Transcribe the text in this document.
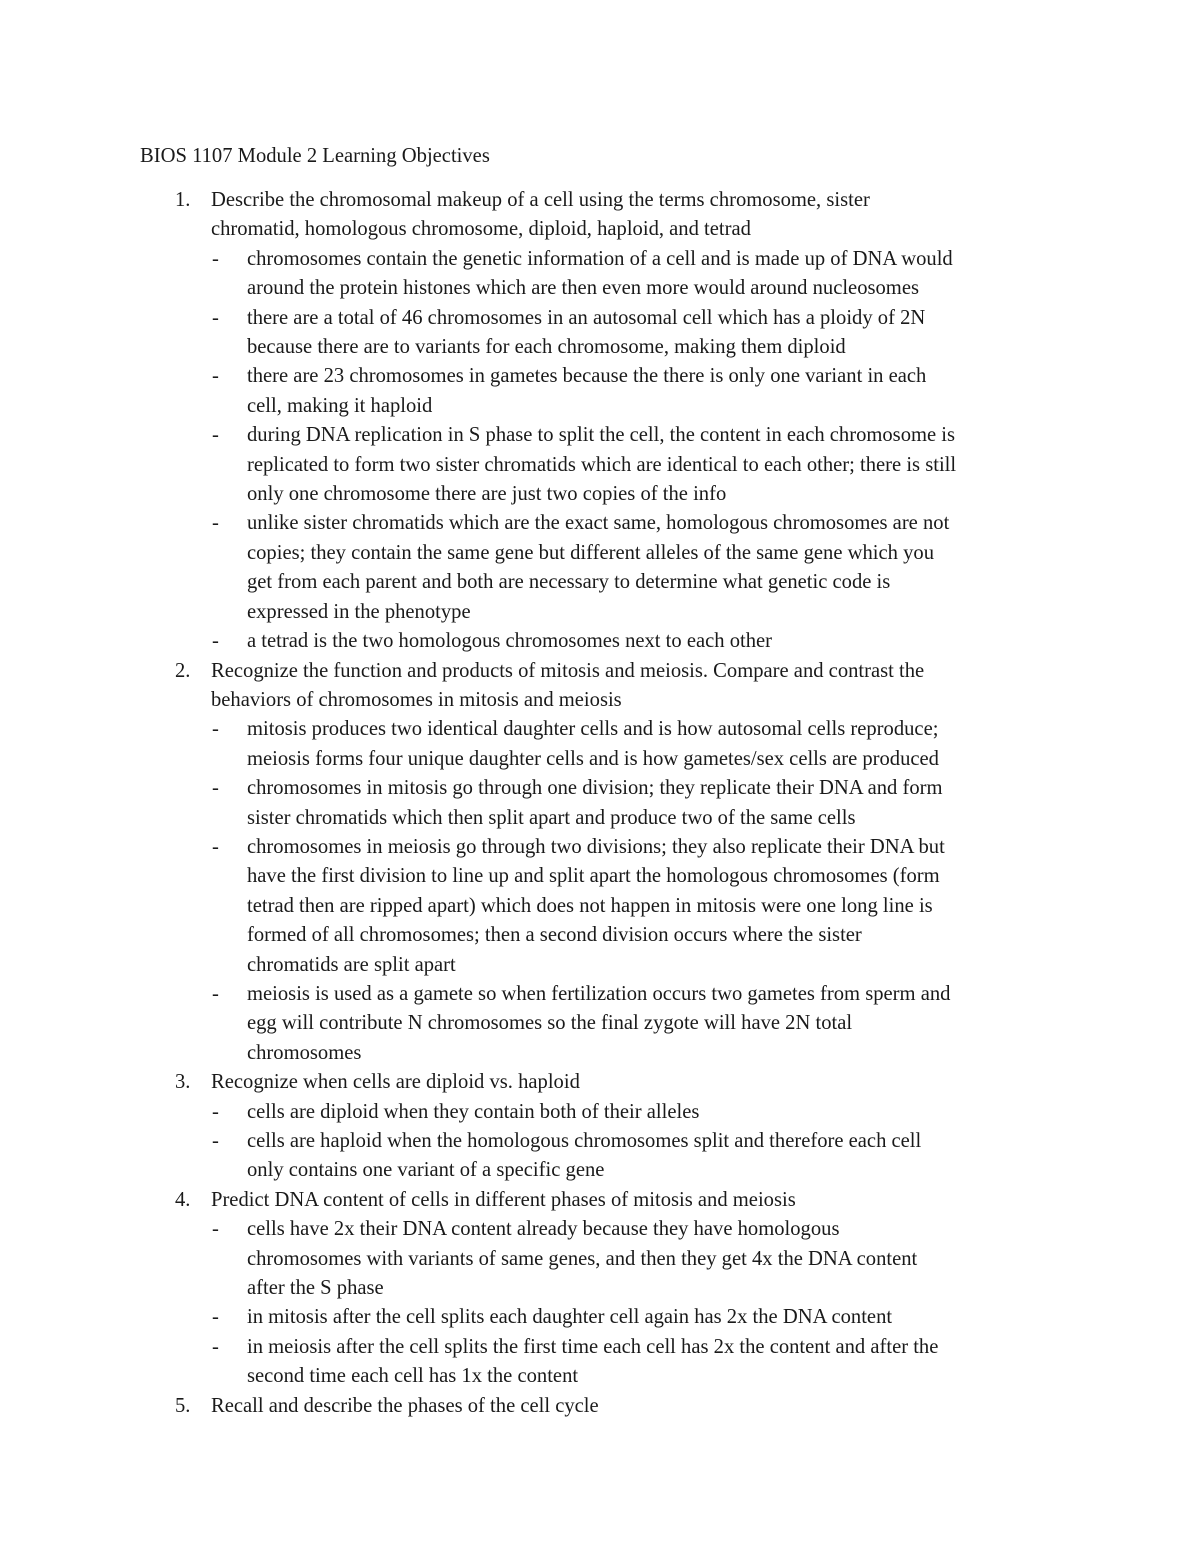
BIOS 1107 Module 2 Learning Objectives
1. Describe the chromosomal makeup of a cell using the terms chromosome, sister
chromatid, homologous chromosome, diploid, haploid, and tetrad
- chromosomes contain the genetic information of a cell and is made up of DNA would
around the protein histones which are then even more would around nucleosomes
- there are a total of 46 chromosomes in an autosomal cell which has a ploidy of 2N
because there are to variants for each chromosome, making them diploid
- there are 23 chromosomes in gametes because the there is only one variant in each
cell, making it haploid
- during DNA replication in S phase to split the cell, the content in each chromosome is
replicated to form two sister chromatids which are identical to each other; there is still
only one chromosome there are just two copies of the info
- unlike sister chromatids which are the exact same, homologous chromosomes are not
copies; they contain the same gene but different alleles of the same gene which you
get from each parent and both are necessary to determine what genetic code is
expressed in the phenotype
- a tetrad is the two homologous chromosomes next to each other
2. Recognize the function and products of mitosis and meiosis. Compare and contrast the
behaviors of chromosomes in mitosis and meiosis
- mitosis produces two identical daughter cells and is how autosomal cells reproduce;
meiosis forms four unique daughter cells and is how gametes/sex cells are produced
- chromosomes in mitosis go through one division; they replicate their DNA and form
sister chromatids which then split apart and produce two of the same cells
- chromosomes in meiosis go through two divisions; they also replicate their DNA but
have the first division to line up and split apart the homologous chromosomes (form
tetrad then are ripped apart) which does not happen in mitosis were one long line is
formed of all chromosomes; then a second division occurs where the sister
chromatids are split apart
- meiosis is used as a gamete so when fertilization occurs two gametes from sperm and
egg will contribute N chromosomes so the final zygote will have 2N total
chromosomes
3. Recognize when cells are diploid vs. haploid
- cells are diploid when they contain both of their alleles
- cells are haploid when the homologous chromosomes split and therefore each cell
only contains one variant of a specific gene
4. Predict DNA content of cells in different phases of mitosis and meiosis
- cells have 2x their DNA content already because they have homologous
chromosomes with variants of same genes, and then they get 4x the DNA content
after the S phase
- in mitosis after the cell splits each daughter cell again has 2x the DNA content
- in meiosis after the cell splits the first time each cell has 2x the content and after the
second time each cell has 1x the content
5. Recall and describe the phases of the cell cycle
